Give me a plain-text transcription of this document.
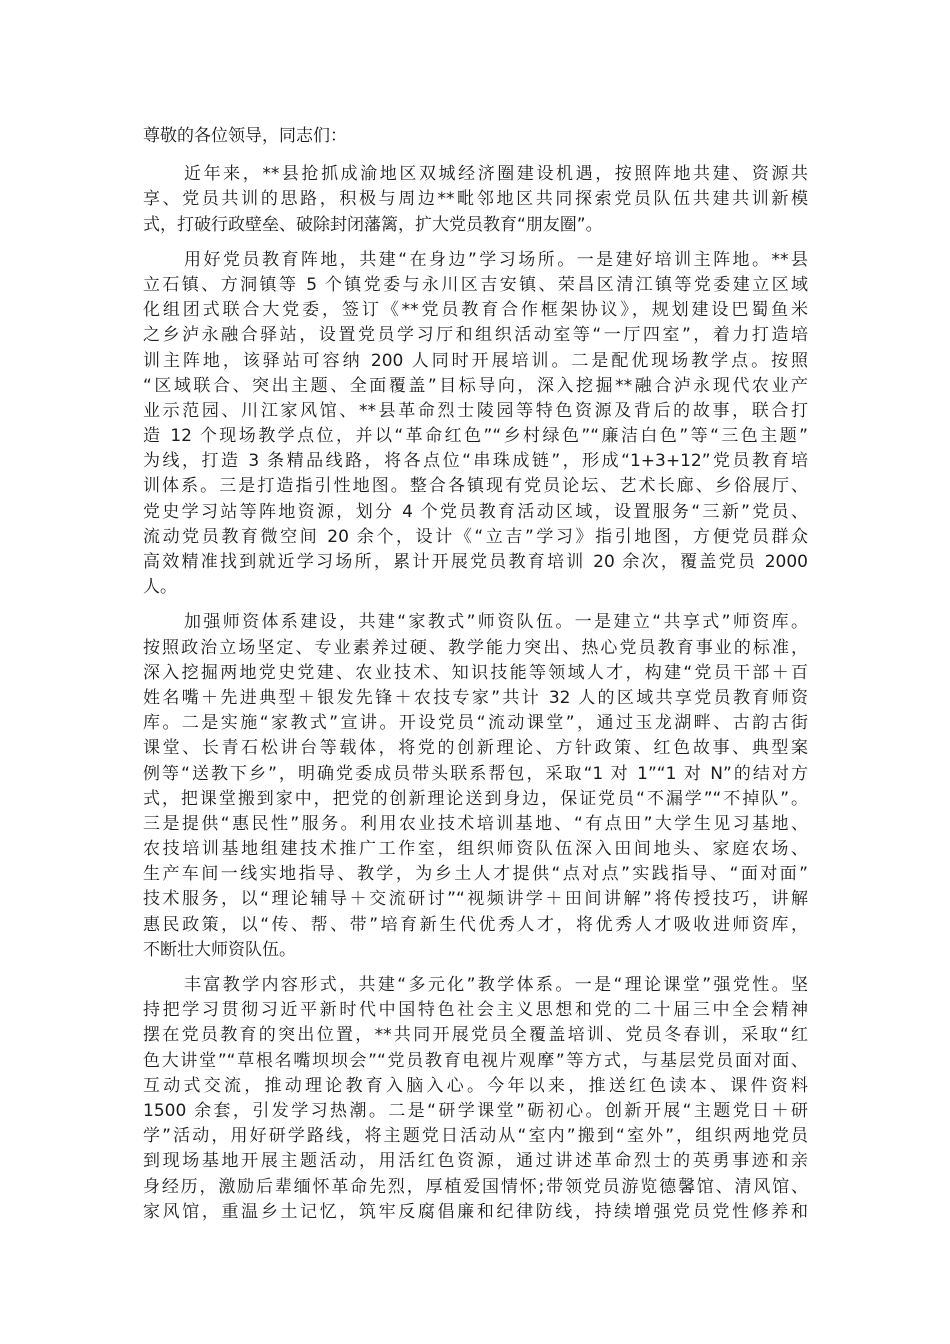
尊敬的各位领导，同志们：
近年来，**县抢抓成渝地区双城经济圈建设机遇，按照阵地共建、资源共
享、党员共训的思路，积极与周边**毗邻地区共同探索党员队伍共建共训新模
式，打破行政壁垒、破除封闭藩篱，扩大党员教育“朋友圈”。
用好党员教育阵地，共建“在身边”学习场所。一是建好培训主阵地。**县
立石镇、方洞镇等 5 个镇党委与永川区吉安镇、荣昌区清江镇等党委建立区域
化组团式联合大党委，签订《**党员教育合作框架协议》，规划建设巴蜀鱼米
之乡泸永融合驿站，设置党员学习厅和组织活动室等“一厅四室”，着力打造培
训主阵地，该驿站可容纳 200 人同时开展培训。二是配优现场教学点。按照
“区域联合、突出主题、全面覆盖”目标导向，深入挖掘**融合泸永现代农业产
业示范园、川江家风馆、**县革命烈士陵园等特色资源及背后的故事，联合打
造 12 个现场教学点位，并以“革命红色”“乡村绿色”“廉洁白色”等“三色主题”
为线，打造 3 条精品线路，将各点位“串珠成链”，形成“1+3+12”党员教育培
训体系。三是打造指引性地图。整合各镇现有党员论坛、艺术长廊、乡俗展厅、
党史学习站等阵地资源，划分 4 个党员教育活动区域，设置服务“三新”党员、
流动党员教育微空间 20 余个，设计《“立吉”学习》指引地图，方便党员群众
高效精准找到就近学习场所，累计开展党员教育培训 20 余次，覆盖党员 2000
人。
加强师资体系建设，共建“家教式”师资队伍。一是建立“共享式”师资库。
按照政治立场坚定、专业素养过硬、教学能力突出、热心党员教育事业的标准，
深入挖掘两地党史党建、农业技术、知识技能等领域人才，构建“党员干部＋百
姓名嘴＋先进典型＋银发先锋＋农技专家”共计 32 人的区域共享党员教育师资
库。二是实施“家教式”宣讲。开设党员“流动课堂”，通过玉龙湖畔、古韵古街
课堂、长青石松讲台等载体，将党的创新理论、方针政策、红色故事、典型案
例等“送教下乡”，明确党委成员带头联系帮包，采取“1 对 1”“1 对 N”的结对方
式，把课堂搬到家中，把党的创新理论送到身边，保证党员“不漏学”“不掉队”。
三是提供“惠民性”服务。利用农业技术培训基地、“有点田”大学生见习基地、
农技培训基地组建技术推广工作室，组织师资队伍深入田间地头、家庭农场、
生产车间一线实地指导、教学，为乡土人才提供“点对点”实践指导、“面对面”
技术服务，以“理论辅导＋交流研讨”“视频讲学＋田间讲解”将传授技巧，讲解
惠民政策，以“传、帮、带”培育新生代优秀人才，将优秀人才吸收进师资库，
不断壮大师资队伍。
丰富教学内容形式，共建“多元化”教学体系。一是“理论课堂”强党性。坚
持把学习贯彻习近平新时代中国特色社会主义思想和党的二十届三中全会精神
摆在党员教育的突出位置，**共同开展党员全覆盖培训、党员冬春训，采取“红
色大讲堂”“草根名嘴坝坝会”“党员教育电视片观摩”等方式，与基层党员面对面、
互动式交流，推动理论教育入脑入心。今年以来，推送红色读本、课件资料
1500 余套，引发学习热潮。二是“研学课堂”砺初心。创新开展“主题党日＋研
学”活动，用好研学路线，将主题党日活动从“室内”搬到“室外”，组织两地党员
到现场基地开展主题活动，用活红色资源，通过讲述革命烈士的英勇事迹和亲
身经历，激励后辈缅怀革命先烈，厚植爱国情怀;带领党员游览德馨馆、清风馆、
家风馆，重温乡土记忆，筑牢反腐倡廉和纪律防线，持续增强党员党性修养和
